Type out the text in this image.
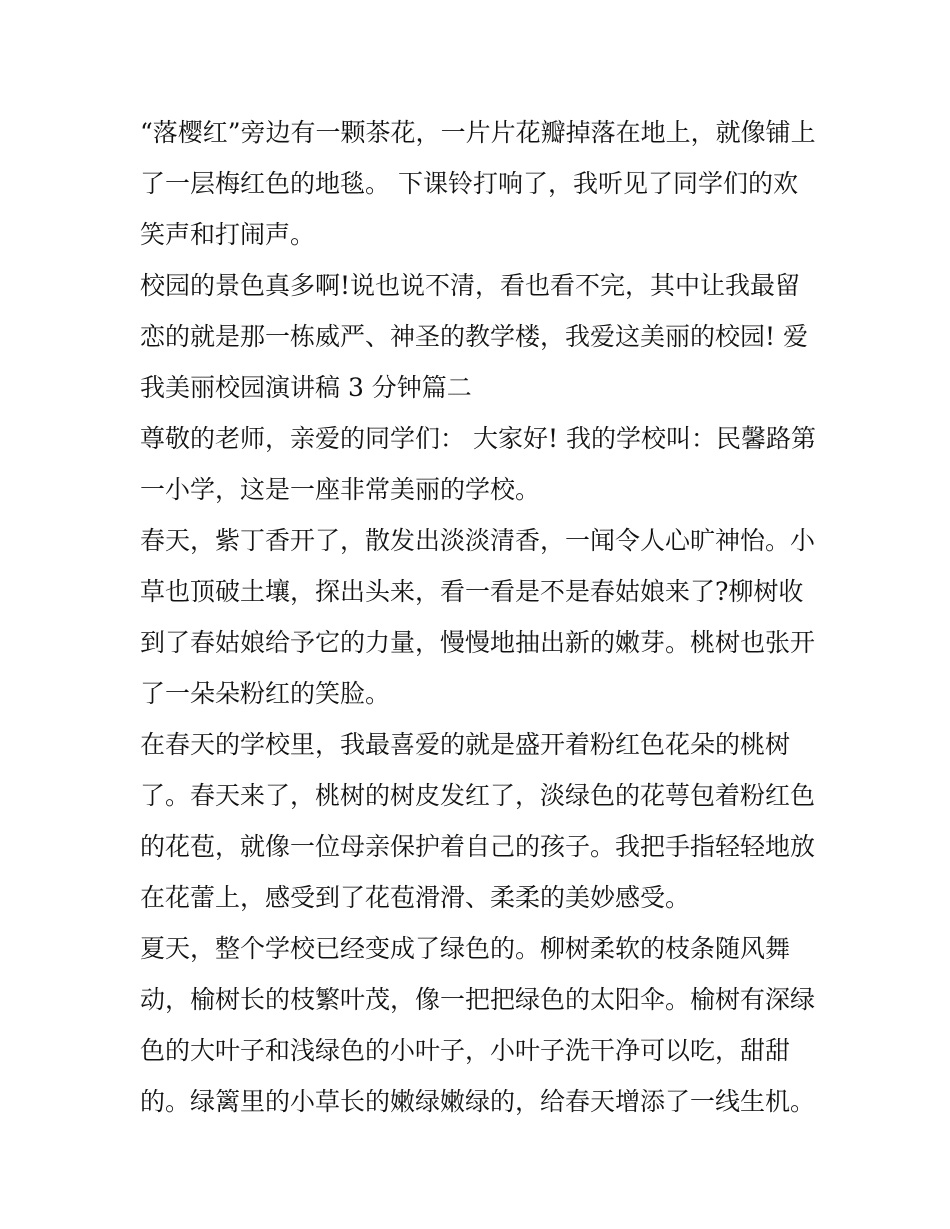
“落樱红”旁边有一颗茶花，一片片花瓣掉落在地上，就像铺上
了一层梅红色的地毯。 下课铃打响了，我听见了同学们的欢
笑声和打闹声。
校园的景色真多啊!说也说不清，看也看不完，其中让我最留
恋的就是那一栋威严、神圣的教学楼，我爱这美丽的校园! 爱
我美丽校园演讲稿 3 分钟篇二
尊敬的老师，亲爱的同学们： 大家好! 我的学校叫：民馨路第
一小学，这是一座非常美丽的学校。
春天，紫丁香开了，散发出淡淡清香，一闻令人心旷神怡。小
草也顶破土壤，探出头来，看一看是不是春姑娘来了?柳树收
到了春姑娘给予它的力量，慢慢地抽出新的嫩芽。桃树也张开
了一朵朵粉红的笑脸。
在春天的学校里，我最喜爱的就是盛开着粉红色花朵的桃树
了。春天来了，桃树的树皮发红了，淡绿色的花萼包着粉红色
的花苞，就像一位母亲保护着自己的孩子。我把手指轻轻地放
在花蕾上，感受到了花苞滑滑、柔柔的美妙感受。
夏天，整个学校已经变成了绿色的。柳树柔软的枝条随风舞
动，榆树长的枝繁叶茂，像一把把绿色的太阳伞。榆树有深绿
色的大叶子和浅绿色的小叶子，小叶子洗干净可以吃，甜甜
的。绿篱里的小草长的嫩绿嫩绿的，给春天增添了一线生机。
